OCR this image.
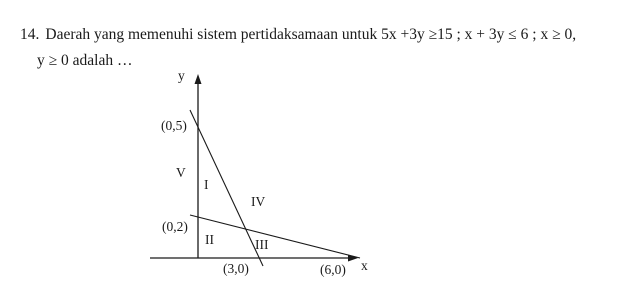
14. Daerah yang memenuhi sistem pertidaksamaan untuk 5x +3y ≥15 ; x + 3y ≤ 6 ; x ≥ 0,
y ≥ 0 adalah …
y
x
(0,5)
(0,2)
(3,0)	(6,0)
V
I
IV
II	III
